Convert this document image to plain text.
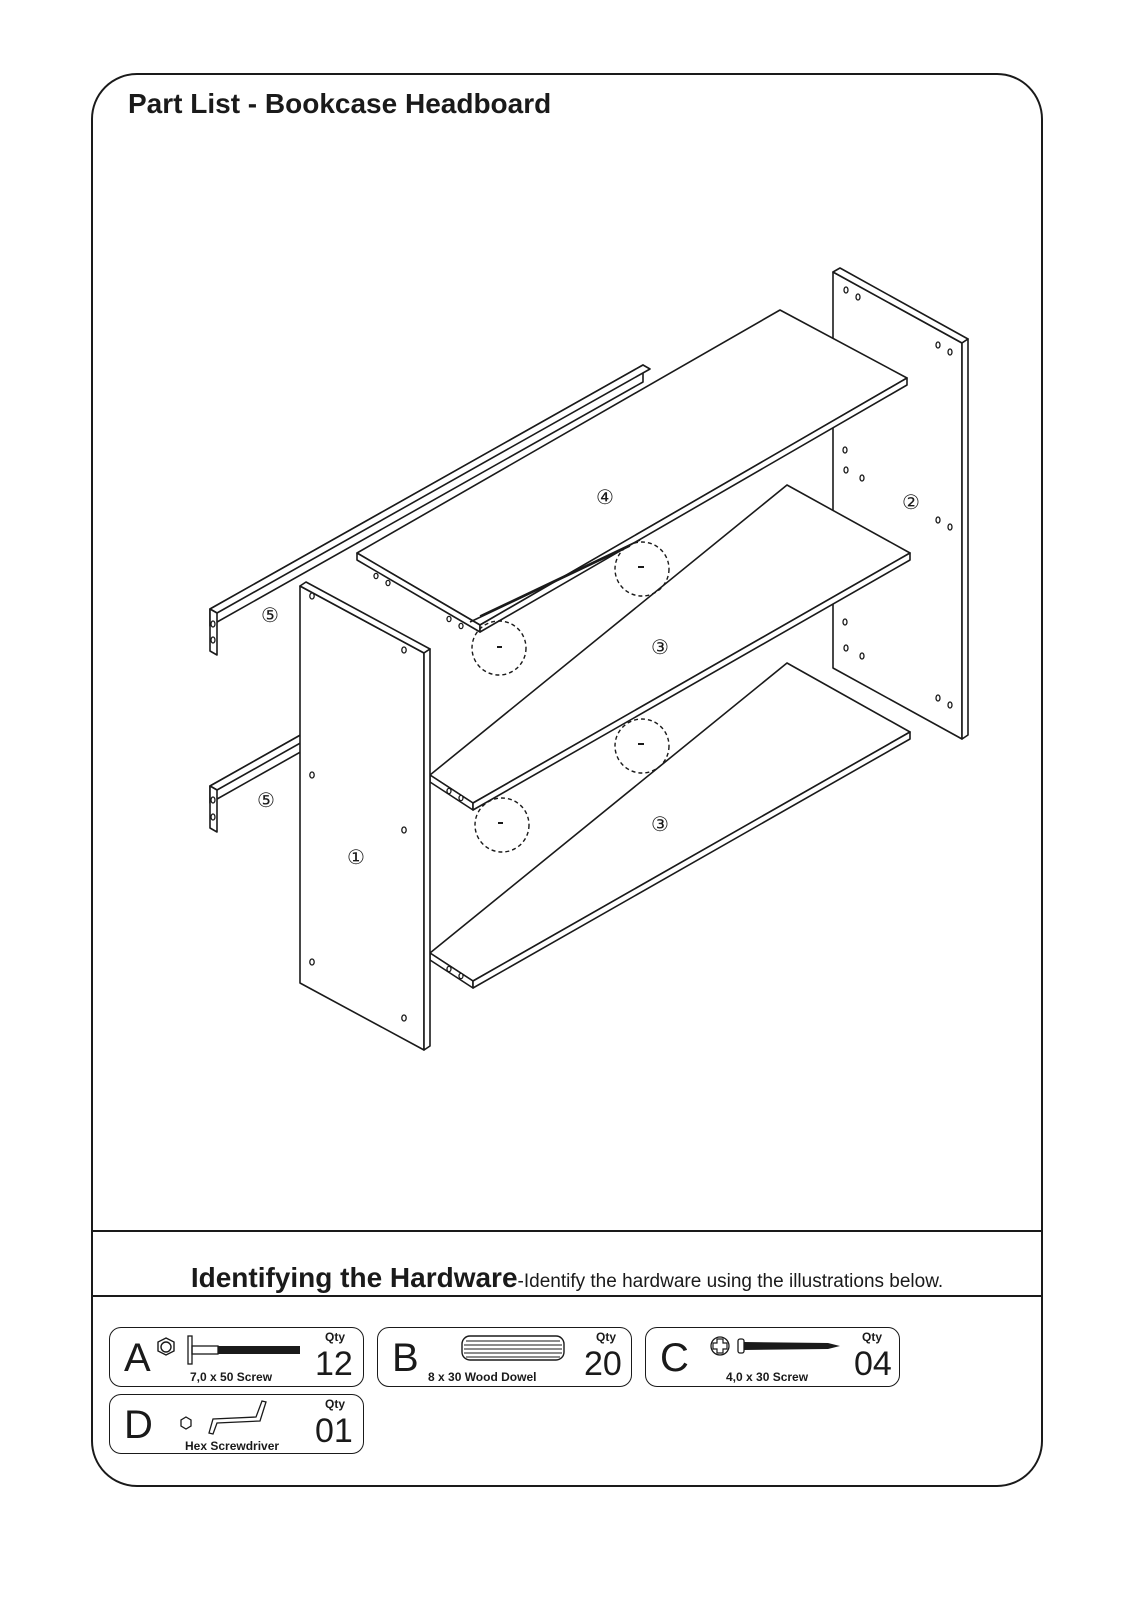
Part List - Bookcase Headboard
①
②
③
③
④
⑤
⑤
Identifying the Hardware-Identify the hardware using the illustrations below.
A	7,0 x 50 Screw
Qty
12 B 8 x 30 Wood Dowel
Qty
20 C	4,0 x 30 Screw
Qty
04
D	Hex Screwdriver
Qty
01
